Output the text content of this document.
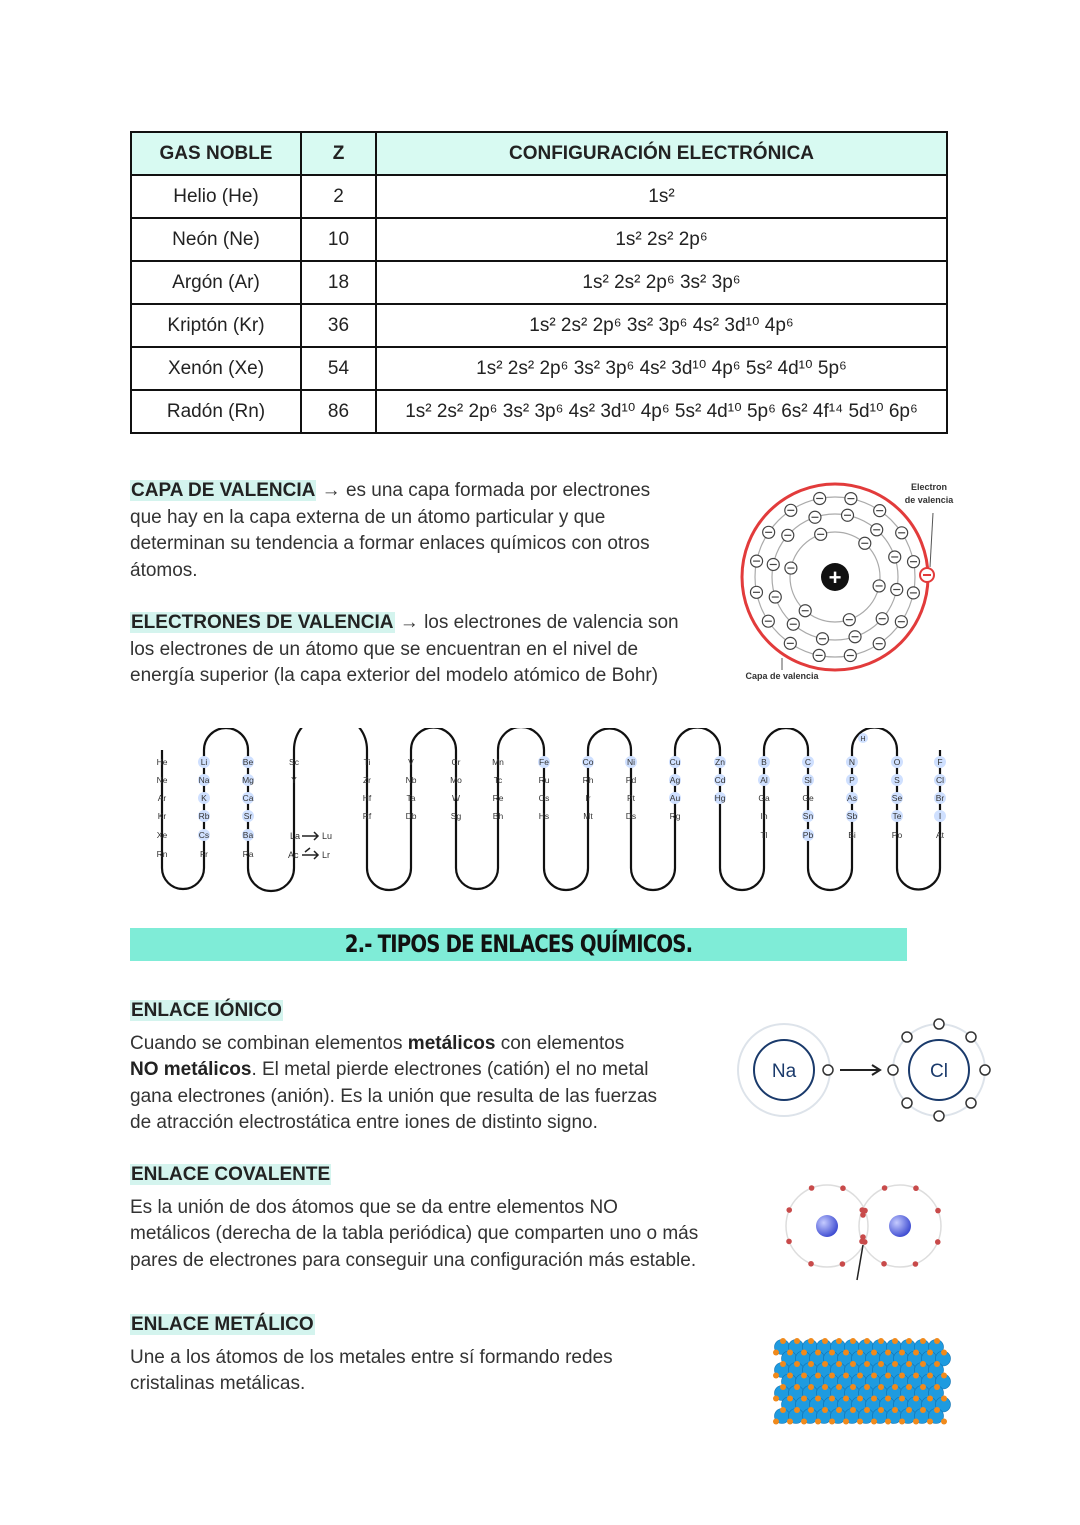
GAS NOBLE	Z	CONFIGURACIÓN ELECTRÓNICA
Helio (He)	2	1s²
Neón (Ne)	10	1s² 2s² 2p⁶
Argón (Ar)	18	1s² 2s² 2p⁶ 3s² 3p⁶
Kriptón (Kr)	36	1s² 2s² 2p⁶ 3s² 3p⁶ 4s² 3d¹⁰ 4p⁶
Xenón (Xe)	54	1s² 2s² 2p⁶ 3s² 3p⁶ 4s² 3d¹⁰ 4p⁶ 5s² 4d¹⁰ 5p⁶
Radón (Rn)	86	1s² 2s² 2p⁶ 3s² 3p⁶ 4s² 3d¹⁰ 4p⁶ 5s² 4d¹⁰ 5p⁶ 6s² 4f¹⁴ 5d¹⁰ 6p⁶
CAPA DE VALENCIA → es una capa formada por electrones
que hay en la capa externa de un átomo particular y que
determinan su tendencia a formar enlaces químicos con otros
átomos.
ELECTRONES DE VALENCIA → los electrones de valencia son
los electrones de un átomo que se encuentran en el nivel de
energía superior (la capa exterior del modelo atómico de Bohr)
+
Electron
de valencia
Capa de valencia
He
Ne
Ar
Kr
Xe
Rn
Li
Na
K
Rb
Cs
Fr
Be
Mg
Ca
Sr
Ba
Ra
Sc
Y
Ti
Zr
Hf
Rf
V
Nb
Ta
Db
Cr
Mo
W
Sg
Mn
Tc
Re
Bh
Fe
Ru
Os
Hs
Co
Rh
Ir
Mt
Ni
Pd
Pt
Ds
Cu
Ag
Au
Rg
Zn
Cd
Hg
B
Al
Ga
In
Tl
C
Si
Ge
Sn
Pb
N
P
As
Sb
Bi
O
S
Se
Te
Po
F
Cl
Br
I
At
La Lu
Ac	Lr
H
2.- TIPOS DE ENLACES QUÍMICOS.
ENLACE IÓNICO
Cuando se combinan elementos metálicos con elementos
NO metálicos. El metal pierde electrones (catión) el no metal
gana electrones (anión). Es la unión que resulta de las fuerzas
de atracción electrostática entre iones de distinto signo.
Na	Cl
ENLACE COVALENTE
Es la unión de dos átomos que se da entre elementos NO
metálicos (derecha de la tabla periódica) que comparten uno o más
pares de electrones para conseguir una configuración más estable.
ENLACE METÁLICO
Une a los átomos de los metales entre sí formando redes
cristalinas metálicas.
